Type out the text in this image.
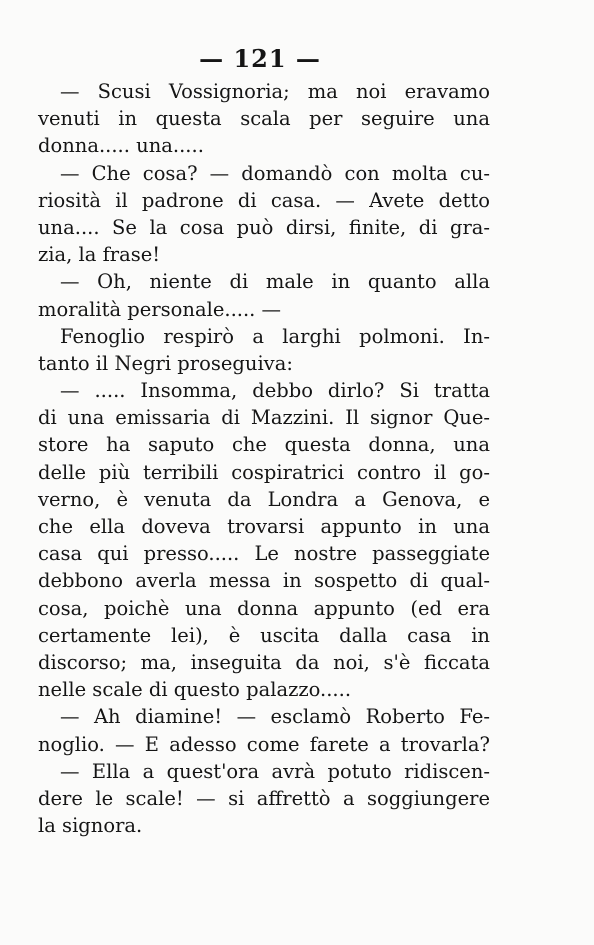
— 121 —
— Scusi Vossignoria; ma noi eravamo
venuti in questa scala per seguire una
donna..... una.....
— Che cosa? — domandò con molta cu-
riosità il padrone di casa. — Avete detto
una.... Se la cosa può dirsi, finite, di gra-
zia, la frase!
— Oh, niente di male in quanto alla
moralità personale..... —
Fenoglio respirò a larghi polmoni. In-
tanto il Negri proseguiva:
— ..... Insomma, debbo dirlo? Si tratta
di una emissaria di Mazzini. Il signor Que-
store ha saputo che questa donna, una
delle più terribili cospiratrici contro il go-
verno, è venuta da Londra a Genova, e
che ella doveva trovarsi appunto in una
casa qui presso..... Le nostre passeggiate
debbono averla messa in sospetto di qual-
cosa, poichè una donna appunto (ed era
certamente lei), è uscita dalla casa in
discorso; ma, inseguita da noi, s'è ficcata
nelle scale di questo palazzo.....
— Ah diamine! — esclamò Roberto Fe-
noglio. — E adesso come farete a trovarla?
— Ella a quest'ora avrà potuto ridiscen-
dere le scale! — si affrettò a soggiungere
la signora.
